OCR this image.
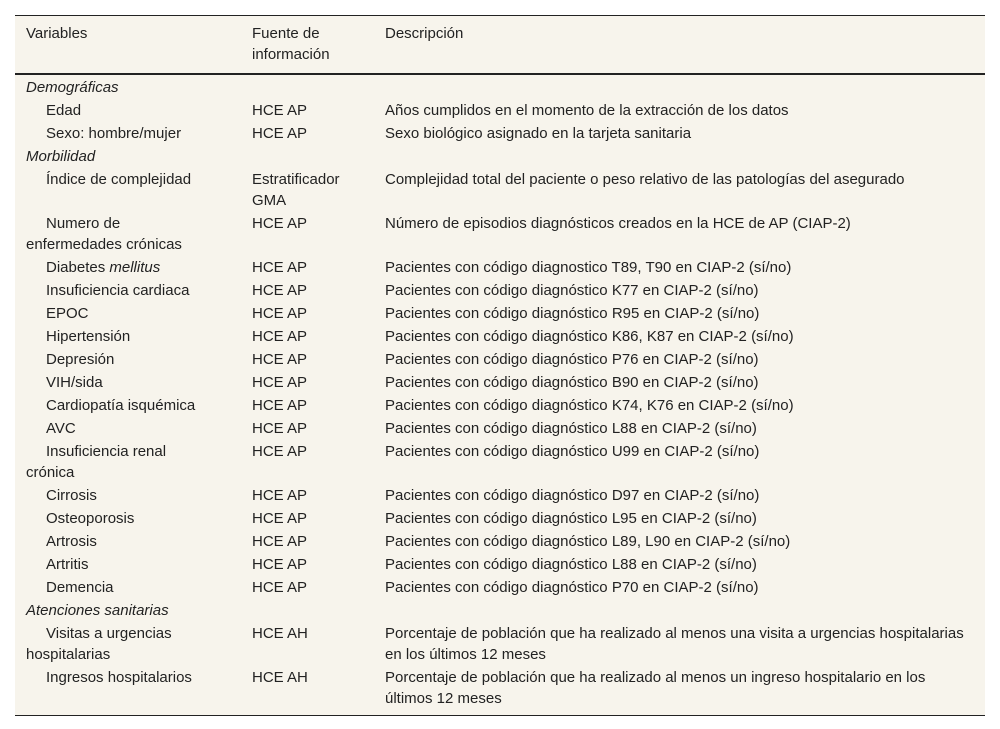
Variables	Fuente de información	Descripción
Demográficas		

Edad	HCE AP	Años cumplidos en el momento de la extracción de los datos

Sexo: hombre/mujer	HCE AP	Sexo biológico asignado en la tarjeta sanitaria
Morbilidad		

Índice de complejidad	Estratificador GMA	Complejidad total del paciente o peso relativo de las patologías del asegurado

Numero de
enfermedades crónicas	HCE AP	Número de episodios diagnósticos creados en la HCE de AP (CIAP-2)

Diabetes mellitus	HCE AP	Pacientes con código diagnostico T89, T90 en CIAP-2 (sí/no)

Insuficiencia cardiaca	HCE AP	Pacientes con código diagnóstico K77 en CIAP-2 (sí/no)

EPOC	HCE AP	Pacientes con código diagnóstico R95 en CIAP-2 (sí/no)

Hipertensión	HCE AP	Pacientes con código diagnóstico K86, K87 en CIAP-2 (sí/no)

Depresión	HCE AP	Pacientes con código diagnóstico P76 en CIAP-2 (sí/no)

VIH/sida	HCE AP	Pacientes con código diagnóstico B90 en CIAP-2 (sí/no)

Cardiopatía isquémica	HCE AP	Pacientes con código diagnóstico K74, K76 en CIAP-2 (sí/no)

AVC	HCE AP	Pacientes con código diagnóstico L88 en CIAP-2 (sí/no)

Insuficiencia renal
crónica	HCE AP	Pacientes con código diagnóstico U99 en CIAP-2 (sí/no)

Cirrosis	HCE AP	Pacientes con código diagnóstico D97 en CIAP-2 (sí/no)

Osteoporosis	HCE AP	Pacientes con código diagnóstico L95 en CIAP-2 (sí/no)

Artrosis	HCE AP	Pacientes con código diagnóstico L89, L90 en CIAP-2 (sí/no)

Artritis	HCE AP	Pacientes con código diagnóstico L88 en CIAP-2 (sí/no)

Demencia	HCE AP	Pacientes con código diagnóstico P70 en CIAP-2 (sí/no)
Atenciones sanitarias		

Visitas a urgencias
hospitalarias	HCE AH	Porcentaje de población que ha realizado al menos una visita a urgencias hospitalarias en los últimos 12 meses

Ingresos hospitalarios	HCE AH	Porcentaje de población que ha realizado al menos un ingreso hospitalario en los últimos 12 meses
